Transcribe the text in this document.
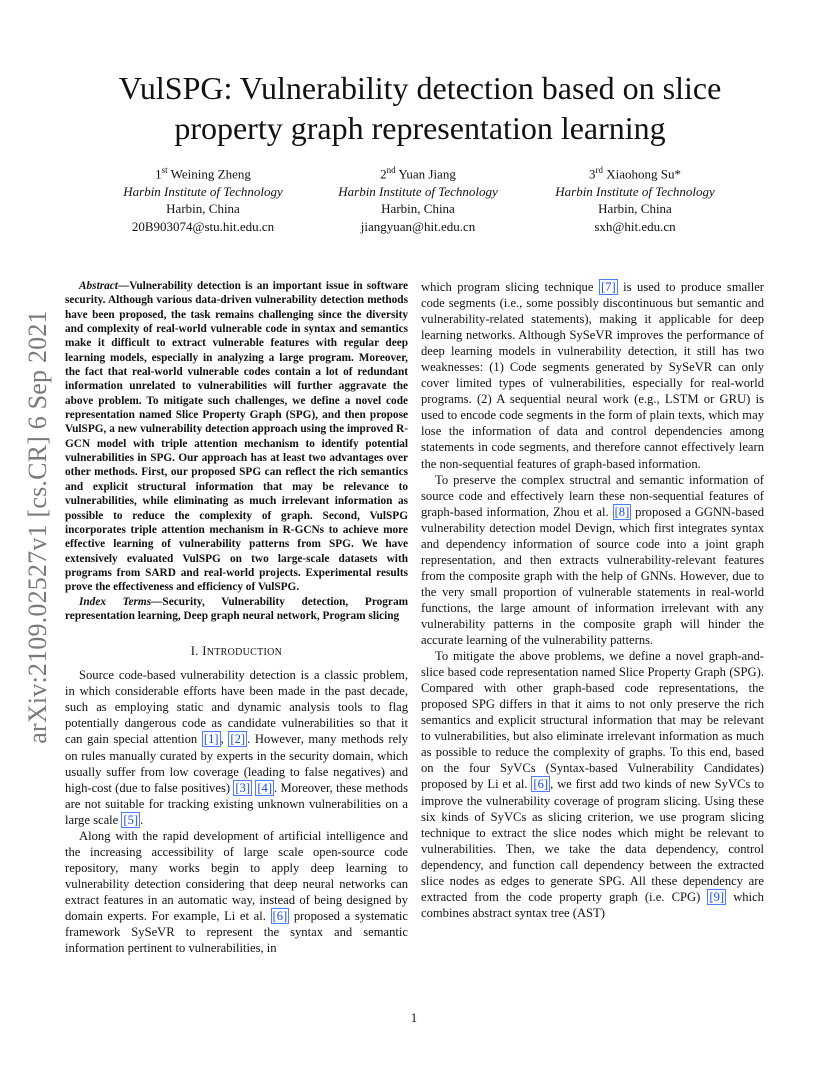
arXiv:2109.02527v1 [cs.CR] 6 Sep 2021
VulSPG: Vulnerability detection based on slice property graph representation learning
1st Weining Zheng
Harbin Institute of Technology
Harbin, China
20B903074@stu.hit.edu.cn
2nd Yuan Jiang
Harbin Institute of Technology
Harbin, China
jiangyuan@hit.edu.cn
3rd Xiaohong Su*
Harbin Institute of Technology
Harbin, China
sxh@hit.edu.cn

Abstract—Vulnerability detection is an important issue in software security. Although various data-driven vulnerability detection methods have been proposed, the task remains challenging since the diversity and complexity of real-world vulnerable code in syntax and semantics make it difficult to extract vulnerable features with regular deep learning models, especially in analyzing a large program. Moreover, the fact that real-world vulnerable codes contain a lot of redundant information unrelated to vulnerabilities will further aggravate the above problem. To mitigate such challenges, we define a novel code representation named Slice Property Graph (SPG), and then propose VulSPG, a new vulnerability detection approach using the improved R-GCN model with triple attention mechanism to identify potential vulnerabilities in SPG. Our approach has at least two advantages over other methods. First, our proposed SPG can reflect the rich semantics and explicit structural information that may be relevance to vulnerabilities, while eliminating as much irrelevant information as possible to reduce the complexity of graph. Second, VulSPG incorporates triple attention mechanism in R-GCNs to achieve more effective learning of vulnerability patterns from SPG. We have extensively evaluated VulSPG on two large-scale datasets with programs from SARD and real-world projects. Experimental results prove the effectiveness and efficiency of VulSPG.

Index Terms—Security, Vulnerability detection, Program representation learning, Deep graph neural network, Program slicing

I. INTRODUCTION

Source code-based vulnerability detection is a classic problem, in which considerable efforts have been made in the past decade, such as employing static and dynamic analysis tools to flag potentially dangerous code as candidate vulnerabilities so that it can gain special attention [1] , [2] . However, many methods rely on rules manually curated by experts in the security domain, which usually suffer from low coverage (leading to false negatives) and high-cost (due to false positives) [3] [4] . Moreover, these methods are not suitable for tracking existing unknown vulnerabilities on a large scale [5] .

Along with the rapid development of artificial intelligence and the increasing accessibility of large scale open-source code repository, many works begin to apply deep learning to vulnerability detection considering that deep neural networks can extract features in an automatic way, instead of being designed by domain experts. For example, Li et al. [6] proposed a systematic framework SySeVR to represent the syntax and semantic information pertinent to vulnerabilities, in

which program slicing technique [7] is used to produce smaller code segments (i.e., some possibly discontinuous but semantic and vulnerability-related statements), making it applicable for deep learning networks. Although SySeVR improves the performance of deep learning models in vulnerability detection, it still has two weaknesses: (1) Code segments generated by SySeVR can only cover limited types of vulnerabilities, especially for real-world programs. (2) A sequential neural work (e.g., LSTM or GRU) is used to encode code segments in the form of plain texts, which may lose the information of data and control dependencies among statements in code segments, and therefore cannot effectively learn the non-sequential features of graph-based information.

To preserve the complex structral and semantic information of source code and effectively learn these non-sequential features of graph-based information, Zhou et al. [8] proposed a GGNN-based vulnerability detection model Devign, which first integrates syntax and dependency information of source code into a joint graph representation, and then extracts vulnerability-relevant features from the composite graph with the help of GNNs. However, due to the very small proportion of vulnerable statements in real-world functions, the large amount of information irrelevant with any vulnerability patterns in the composite graph will hinder the accurate learning of the vulnerability patterns.

To mitigate the above problems, we define a novel graph-and-slice based code representation named Slice Property Graph (SPG). Compared with other graph-based code representations, the proposed SPG differs in that it aims to not only preserve the rich semantics and explicit structural information that may be relevant to vulnerabilities, but also eliminate irrelevant information as much as possible to reduce the complexity of graphs. To this end, based on the four SyVCs (Syntax-based Vulnerability Candidates) proposed by Li et al. [6] , we first add two kinds of new SyVCs to improve the vulnerability coverage of program slicing. Using these six kinds of SyVCs as slicing criterion, we use program slicing technique to extract the slice nodes which might be relevant to vulnerabilities. Then, we take the data dependency, control dependency, and function call dependency between the extracted slice nodes as edges to generate SPG. All these dependency are extracted from the code property graph (i.e. CPG) [9] which combines abstract syntax tree (AST)

1
